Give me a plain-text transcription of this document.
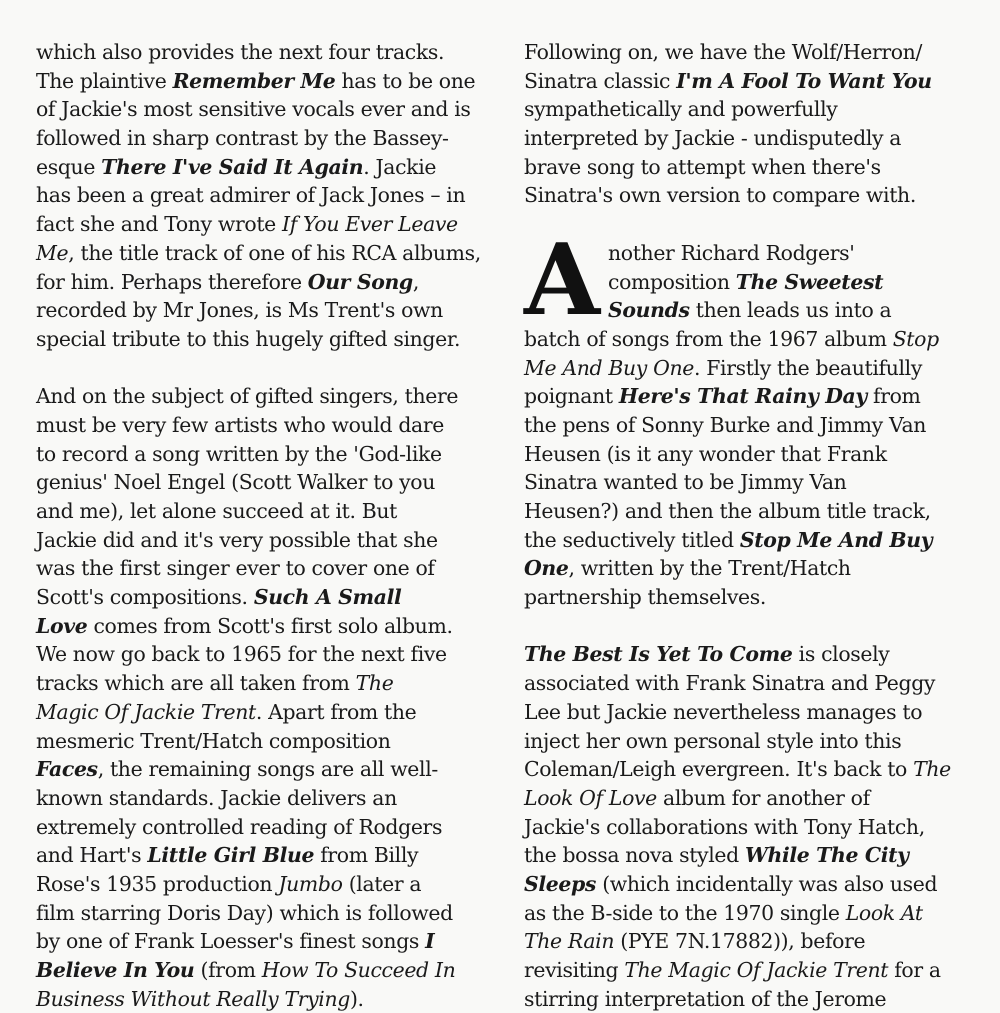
which also provides the next four tracks.
The plaintive Remember Me has to be one
of Jackie's most sensitive vocals ever and is
followed in sharp contrast by the Bassey-
esque There I've Said It Again. Jackie
has been a great admirer of Jack Jones – in
fact she and Tony wrote If You Ever Leave
Me, the title track of one of his RCA albums,
for him. Perhaps therefore Our Song,
recorded by Mr Jones, is Ms Trent's own
special tribute to this hugely gifted singer.
And on the subject of gifted singers, there
must be very few artists who would dare
to record a song written by the 'God-like
genius' Noel Engel (Scott Walker to you
and me), let alone succeed at it. But
Jackie did and it's very possible that she
was the first singer ever to cover one of
Scott's compositions. Such A Small
Love comes from Scott's first solo album.
We now go back to 1965 for the next five
tracks which are all taken from The
Magic Of Jackie Trent. Apart from the
mesmeric Trent/Hatch composition
Faces, the remaining songs are all well-
known standards. Jackie delivers an
extremely controlled reading of Rodgers
and Hart's Little Girl Blue from Billy
Rose's 1935 production Jumbo (later a
film starring Doris Day) which is followed
by one of Frank Loesser's finest songs I
Believe In You (from How To Succeed In
Business Without Really Trying).
Following on, we have the Wolf/Herron/
Sinatra classic I'm A Fool To Want You
sympathetically and powerfully
interpreted by Jackie - undisputedly a
brave song to attempt when there's
Sinatra's own version to compare with.
A nother Richard Rodgers'
composition The Sweetest
Sounds then leads us into a
batch of songs from the 1967 album Stop
Me And Buy One. Firstly the beautifully
poignant Here's That Rainy Day from
the pens of Sonny Burke and Jimmy Van
Heusen (is it any wonder that Frank
Sinatra wanted to be Jimmy Van
Heusen?) and then the album title track,
the seductively titled Stop Me And Buy
One, written by the Trent/Hatch
partnership themselves.
The Best Is Yet To Come is closely
associated with Frank Sinatra and Peggy
Lee but Jackie nevertheless manages to
inject her own personal style into this
Coleman/Leigh evergreen. It's back to The
Look Of Love album for another of
Jackie's collaborations with Tony Hatch,
the bossa nova styled While The City
Sleeps (which incidentally was also used
as the B-side to the 1970 single Look At
The Rain (PYE 7N.17882)), before
revisiting The Magic Of Jackie Trent for a
stirring interpretation of the Jerome
